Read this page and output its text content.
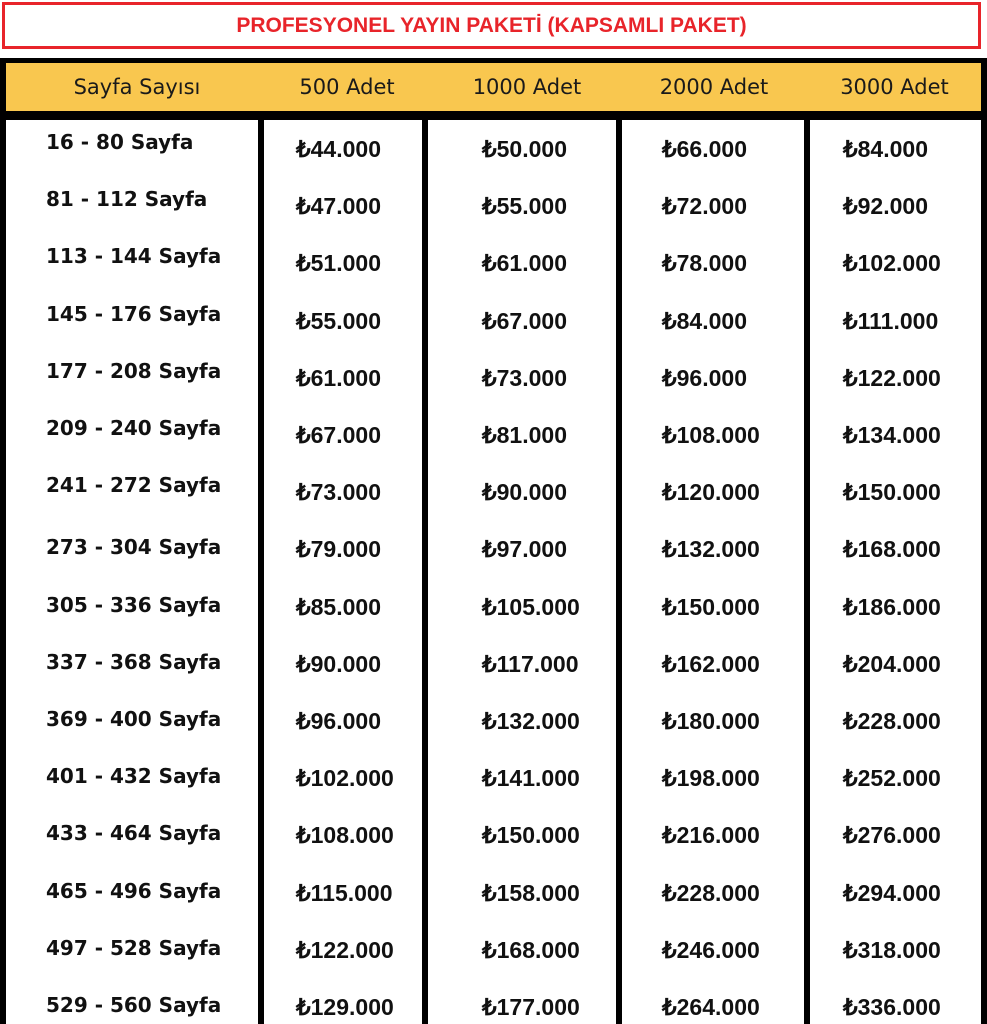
PROFESYONEL YAYIN PAKETİ (KAPSAMLI PAKET)
Sayfa Sayısı	500 Adet	1000 Adet	2000 Adet	3000 Adet
16 - 80 Sayfa	₺44.000	₺50.000	₺66.000	₺84.000
81 - 112 Sayfa	₺47.000	₺55.000	₺72.000	₺92.000
113 - 144 Sayfa	₺51.000	₺61.000	₺78.000	₺102.000
145 - 176 Sayfa	₺55.000	₺67.000	₺84.000	₺111.000
177 - 208 Sayfa	₺61.000	₺73.000	₺96.000	₺122.000
209 - 240 Sayfa	₺67.000	₺81.000	₺108.000	₺134.000
241 - 272 Sayfa	₺73.000	₺90.000	₺120.000	₺150.000
273 - 304 Sayfa	₺79.000	₺97.000	₺132.000	₺168.000
305 - 336 Sayfa	₺85.000	₺105.000	₺150.000	₺186.000
337 - 368 Sayfa	₺90.000	₺117.000	₺162.000	₺204.000
369 - 400 Sayfa	₺96.000	₺132.000	₺180.000	₺228.000
401 - 432 Sayfa	₺102.000	₺141.000	₺198.000	₺252.000
433 - 464 Sayfa	₺108.000	₺150.000	₺216.000	₺276.000
465 - 496 Sayfa	₺115.000	₺158.000	₺228.000	₺294.000
497 - 528 Sayfa	₺122.000	₺168.000	₺246.000	₺318.000
529 - 560 Sayfa	₺129.000	₺177.000	₺264.000	₺336.000
